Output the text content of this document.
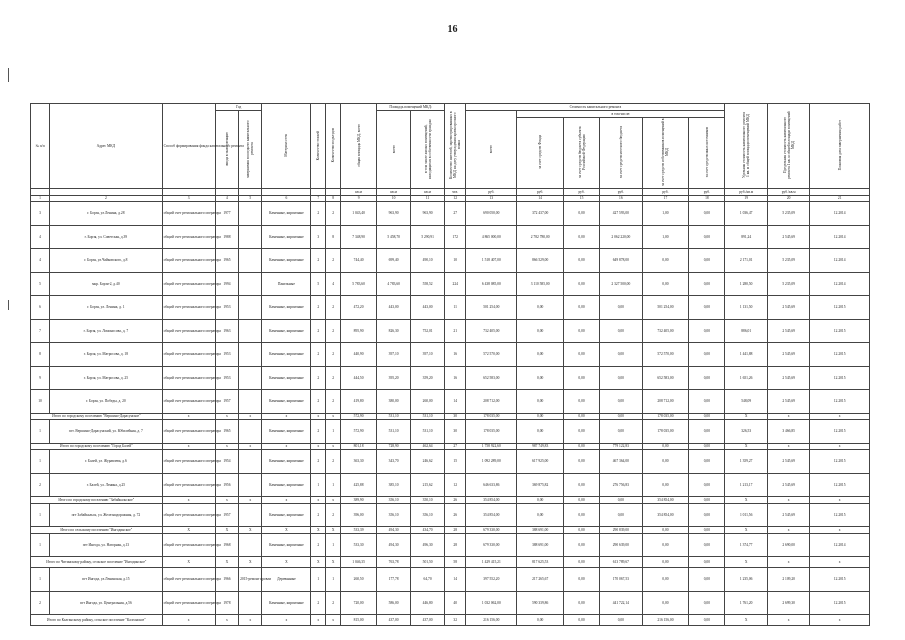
16
№ п/п	Адрес МКД	Способ формирования фонда капитального ремонта	Год		Материал стен	Количество этажей	Количество подъездов	общая площадь МКД, всего	Площадь помещений МКД:		Количество жителей, зарегистрированных в МКД на дату утверждения краткосрочного плана	Стоимость капитального ремонта						Удельная стоимость капитального ремонта 1 кв. м общей площади помещений МКД	Предельная стоимость капитального ремонта 1 кв. м общей площади помещений МКД	Плановая дата завершения работ
			ввода в эксплуатацию	завершения последнего капитального ремонта					всего	в том числе жилых помещений, находящихся в собственности граждан		всего	в том числе:							
													за счет средств Фонда	за счет средств бюджета субъекта Российской Федерации	за счет средств местного бюджета	за счет средств собственников помещений в МКД	за счет средств иных источников			
								кв.м	кв.м	кв.м	чел.	руб.	руб.	руб.	руб.	руб.	руб.	руб./кв.м	руб./кв.м	
1	2	3	4	5	6	7	8	9	10	11	12	13	14	15	16	17	18	19	20	21
3	г. Борзя, ул.Ленина, д.28	общий счет регионального оператора	1977		Каменные, кирпичные	2	2	1 043,40	963,90	963,90	27	690 050,00	372 437,00	0,00	427 593,00	1,00	0,00	1 036,47	5 235,09	12.2014
4	г. Борзя, ул. Советская, д.39	общий счет регионального оператора	1988		Каменные, кирпичные	3	8	7 348,90	5 458,70	5 290,91	172	4 865 000,00	2 782 780,00	0,00	2 062 220,00	1,00	0,00	891,24	2 545,69	12.2014
4	г. Борзя, ул.Чайковского, д.8	общий счет регионального оператора	1965		Каменные, кирпичные	2	2	744,40	699,40	490,10	10	1 518 407,00	866 529,00	0,00	649 878,00	0,00	0,00	2 171,01	5 235,09	12.2014
5	мкр. Борзя-2, д.40	общий счет регионального оператора	1994		Панельные	5	4	5 783,60	4 783,60	558,52	224	6 438 085,00	3 110 585,00	0,00	2 327 500,00	0,00	0,00	1 280,50	5 235,09	12.2014
6	г. Борзя, ул. Ленина, д. 1	общий счет регионального оператора	1953		Каменные, кирпичные	2	2	472,20	443,00	443,00	11	501 254,00	0,00	0,00	0,00	501 254,00	0,00	1 131,50	2 545,69	12.2015
7	г. Борзя, ул. Ломоносова, д. 7	общий счет регионального оператора	1963		Каменные, кирпичные	2	2	895,90	826,30	752,01	21	732 405,00	0,00	0,00	0,00	732 405,00	0,00	886,01	2 545,69	12.2015
8	г. Борзя, ул. Матросова, д. 18	общий счет регионального оператора	1953		Каменные, кирпичные	2	2	440,90	397,10	397,10	16	572 570,00	0,00	0,00	0,00	572 570,00	0,00	1 441,88	2 545,69	12.2015
9	г. Борзя, ул. Матросова, д. 25	общий счет регионального оператора	1953		Каменные, кирпичные	2	2	444,50	395,20	359,20	16	652 583,00	0,00	0,00	0,00	652 583,00	0,00	1 651,26	2 545,69	12.2015
10	г. Борзя, ул. Победы, д. 20	общий счет регионального оператора	1957		Каменные, кирпичные	2	2	419,80	380,00	260,00	14	208 712,00	0,00	0,00	0,00	208 712,00	0,00	548,09	2 545,69	12.2015
Итого по городскому поселению "Вершино-Дарасунское"		x	x	x	x	x	x	572,90	531,10	531,10	30	178 035,00	0,00	0,00	0,00	178 035,00	0,00	X	x	x
1	пгт. Вершино-Дарасунский, ул. Юбилейная, д. 7	общий счет регионального оператора	1965		Каменные, кирпичные	2	1	572,90	531,10	531,10	30	178 035,00	0,00	0,00	0,00	178 035,00	0,00	326,53	3 466,85	12.2015
Итого по городскому поселению "Город Балей"		x	x	x	x	x	x	801,18	728,90	462,64	27	1 758 922,60	987 749,83	0,00	779 122,83	0,00	0,00	X	x	x
1	г. Балей, ул. Журавлева, д.6	общий счет регионального оператора	1954		Каменные, кирпичные	2	2	363,30	343,70	246,62	15	1 092 289,00	617 925,00	0,00	467 364,00	0,00	0,00	1 359,27	2 545,69	12.2015
2	г. Балей, ул. Ленина, д.25	общий счет регионального оператора	1956		Каменные, кирпичные	1	1	425,88	385,10	215,62	12	646 633,86	369 875,82	0,00	276 756,83	0,00	0,00	1 213,17	2 545,69	12.2015
Итого по городскому поселению "Забайкальское"		x	x	x	x	x	x	389,90	356,10	350,10	26	354 854,00	0,00	0,00	0,00	354 854,00	0,00	X	x	x
1	пгт Забайкальск, ул. Железнодорожная, д. 72	общий счет регионального оператора	1957		Каменные, кирпичные	2	2	396,00	356,10	356,10	26	354 854,00	0,00	0,00	0,00	354 854,00	0,00	1 011,56	2 545,69	12.2015
Итого по сельскому поселению "Ингодинское"		X	X	X	X	X	X	533,39	494,30	434,70	28	679 330,00	388 691,00	0,00	290 839,00	0,00	0,00	X	x	x
1	пгт Ингода, ул. Нагорная, д.13	общий счет регионального оператора	1968		Каменные, кирпичные	2	1	533,30	494,30	496,30	28	679 330,00	388 691,00	0,00	290 639,00	0,00	0,00	1 374,77	2 690,00	12.2014
Итого по Читинскому району, сельское поселение "Ингодинское"		X	X	X	X	X	X	1 046,35	763,78	501,50	58	1 429 415,21	817 625,53	0,00	613 789,67	0,00	0,00	X	x	x
1	пгт Ингода, ул.Ленинская, д.15	общий счет регионального оператора	1966	2015-ремонт кровли	Деревянные	1	1	260,50	177,78	64,70	14	397 552,20	217 265,67	0,00	170 067,53	0,00	0,00	1 235,06	2 109,20	12.2015
2	пгт Ингода, ул. Центральная, д.56	общий счет регионального оператора	1978		Каменные, кирпичные	2	2	720,00	586,00	446,80	40	1 032 062,00	590 339,86	0,00	441 722,14	0,00	0,00	1 761,20	2 699,30	12.2015
Итого по Калганскому району, сельское поселение "Калганское"		x	x	x	x	x	x	815,00	437,00	437,00	32	216 156,00	0,00	0,00	0,00	216 156,00	0,00	X	x	x
